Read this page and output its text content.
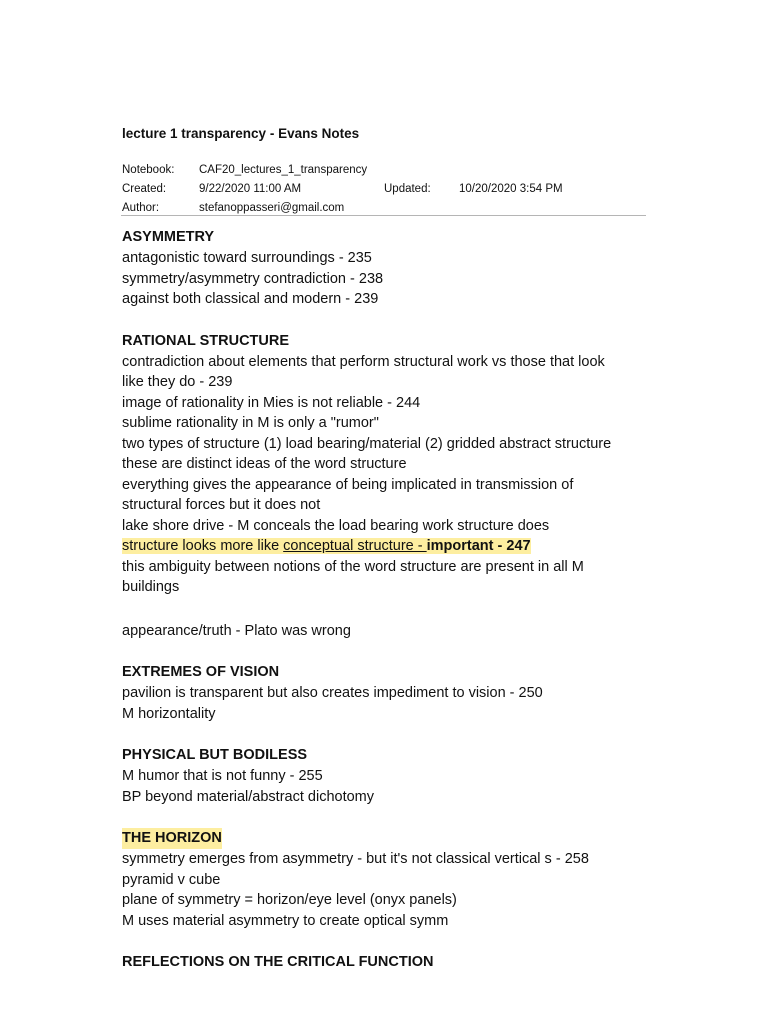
lecture 1 transparency - Evans Notes
Notebook:	CAF20_lectures_1_transparency
Created:	9/22/2020 11:00 AM	Updated:	10/20/2020 3:54 PM
Author:	stefanoppasseri@gmail.com
ASYMMETRY
antagonistic toward surroundings - 235
symmetry/asymmetry contradiction - 238
against both classical and modern - 239
RATIONAL STRUCTURE
contradiction about elements that perform structural work vs those that look
like they do - 239
image of rationality in Mies is not reliable - 244
sublime rationality in M is only a "rumor"
two types of structure (1) load bearing/material (2) gridded abstract structure
these are distinct ideas of the word structure
everything gives the appearance of being implicated in transmission of
structural forces but it does not
lake shore drive - M conceals the load bearing work structure does
structure looks more like conceptual structure - important - 247
this ambiguity between notions of the word structure are present in all M
buildings
appearance/truth - Plato was wrong
EXTREMES OF VISION
pavilion is transparent but also creates impediment to vision - 250
M horizontality
PHYSICAL BUT BODILESS
M humor that is not funny - 255
BP beyond material/abstract dichotomy
THE HORIZON
symmetry emerges from asymmetry - but it's not classical vertical s - 258
pyramid v cube
plane of symmetry = horizon/eye level (onyx panels)
M uses material asymmetry to create optical symm
REFLECTIONS ON THE CRITICAL FUNCTION
